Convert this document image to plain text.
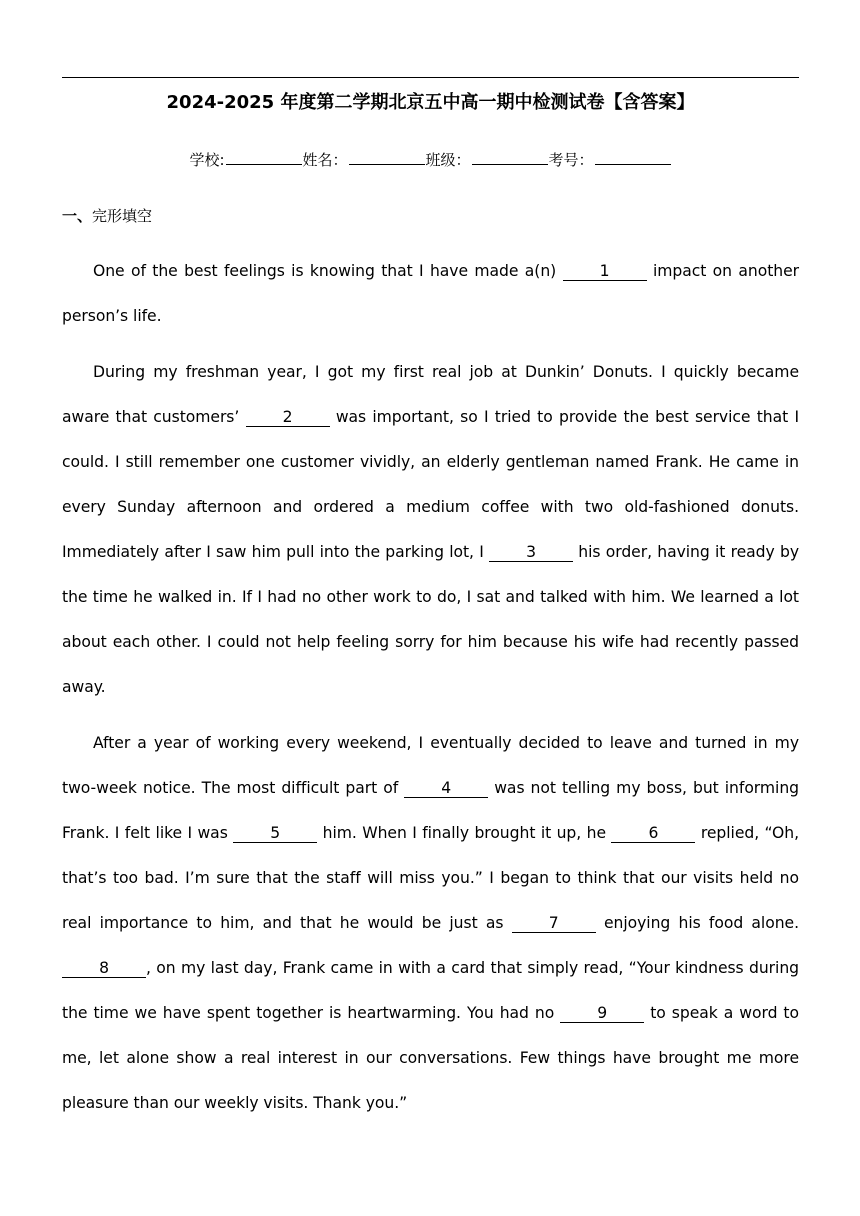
2024-2025 年度第二学期北京五中高一期中检测试卷【含答案】
学校:	姓名：	班级：	考号：
一、完形填空

One of the best feelings is knowing that I have made a(n) 1 impact on another person’s life.

During my freshman year, I got my first real job at Dunkin’ Donuts. I quickly became aware that customers’ 2 was important, so I tried to provide the best service that I could. I still remember one customer vividly, an elderly gentleman named Frank. He came in every Sunday afternoon and ordered a medium coffee with two old-fashioned donuts. Immediately after I saw him pull into the parking lot, I 3 his order, having it ready by the time he walked in. If I had no other work to do, I sat and talked with him. We learned a lot about each other. I could not help feeling sorry for him because his wife had recently passed away.

After a year of working every weekend, I eventually decided to leave and turned in my two-week notice. The most difficult part of 4 was not telling my boss, but informing Frank. I felt like I was 5 him. When I finally brought it up, he 6 replied, “Oh, that’s too bad. I’m sure that the staff will miss you.” I began to think that our visits held no real importance to him, and that he would be just as 7 enjoying his food alone. 8 , on my last day, Frank came in with a card that simply read, “Your kindness during the time we have spent together is heartwarming. You had no 9 to speak a word to me, let alone show a real interest in our conversations. Few things have brought me more pleasure than our weekly visits. Thank you.”
